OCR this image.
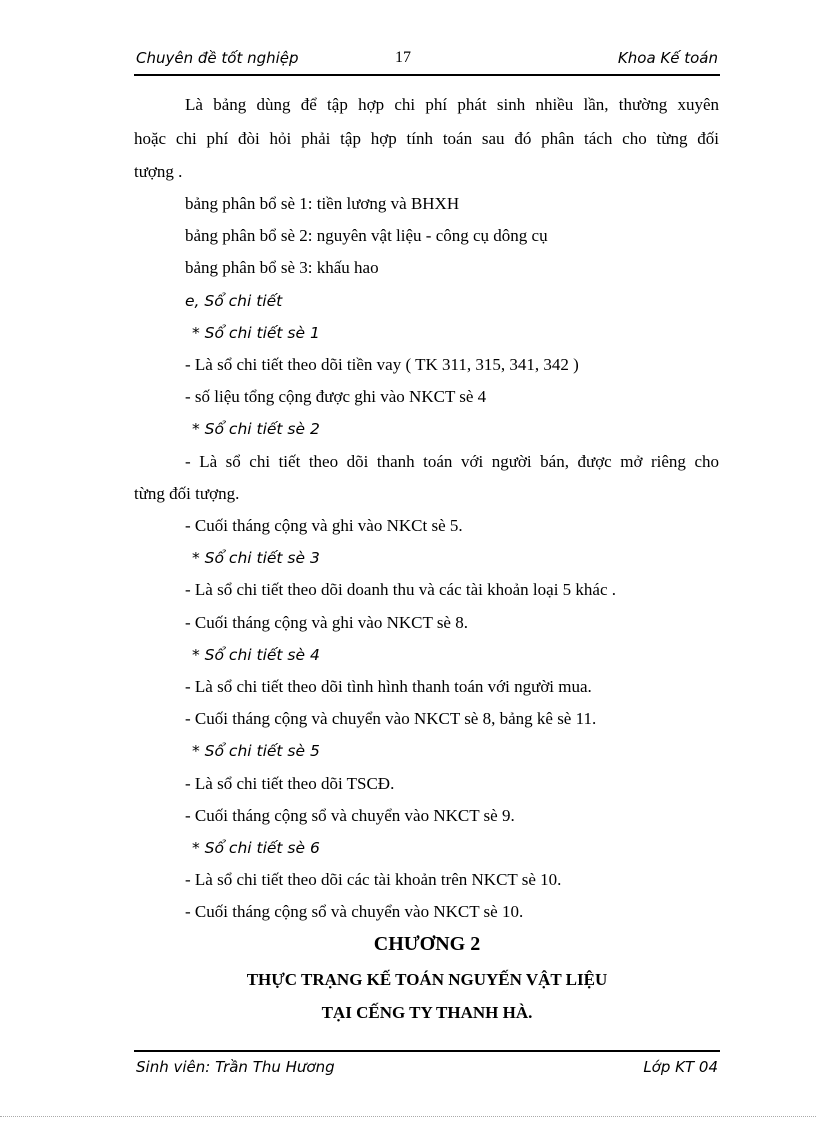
Chuyên đề tốt nghiệp	17	Khoa Kế toán
Là bảng dùng để tập hợp chi phí phát sinh nhiều lần, thường xuyên
hoặc chi phí đòi hỏi phải tập hợp tính toán sau đó phân tách cho từng đối
tượng .
bảng phân bổ sè 1: tiền lương và BHXH
bảng phân bổ sè 2: nguyên vật liệu - công cụ dông cụ
bảng phân bổ sè 3: khấu hao
e, Sổ chi tiết
* Sổ chi tiết sè 1
- Là sổ chi tiết theo dõi tiền vay ( TK 311, 315, 341, 342 )
- số liệu tổng cộng được ghi vào NKCT sè 4
* Sổ chi tiết sè 2
- Là sổ chi tiết theo dõi thanh toán với người bán, được mở riêng cho
từng đối tượng.
- Cuối tháng cộng và ghi vào NKCt sè 5.
* Sổ chi tiết sè 3
- Là sổ chi tiết theo dõi doanh thu và các tài khoản loại 5 khác .
- Cuối tháng cộng và ghi vào NKCT sè 8.
* Sổ chi tiết sè 4
- Là sổ chi tiết theo dõi tình hình thanh toán với người mua.
- Cuối tháng cộng và chuyển vào NKCT sè 8, bảng kê sè 11.
* Sổ chi tiết sè 5
- Là sổ chi tiết theo dõi TSCĐ.
- Cuối tháng cộng sổ và chuyển vào NKCT sè 9.
* Sổ chi tiết sè 6
- Là sổ chi tiết theo dõi các tài khoản trên NKCT sè 10.
- Cuối tháng cộng sổ và chuyển vào NKCT sè 10.
CHƯƠNG 2
THỰC TRẠNG KẾ TOÁN NGUYẾN VẬT LIỆU
TẠI CẾNG TY THANH HÀ.
Sinh viên: Trần Thu Hương	Lớp KT 04
